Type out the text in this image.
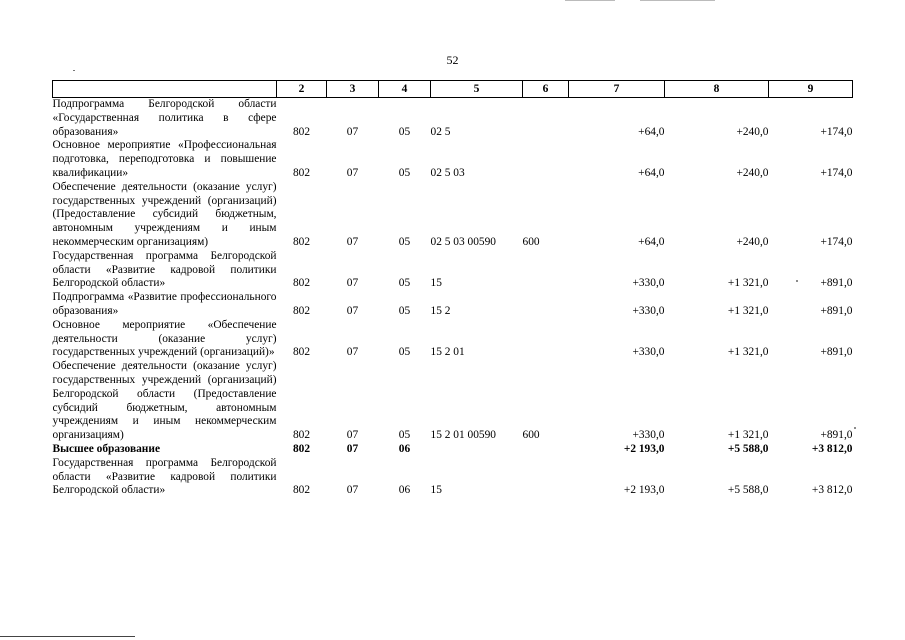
52
	2	3	4	5	6	7	8	9
Подпрограмма Белгородской области «Государственная политика в сфере образования»	802	07	05	02 5		+64,0	+240,0	+174,0
Основное мероприятие «Профессиональная подготовка, переподготовка и повышение квалификации»	802	07	05	02 5 03		+64,0	+240,0	+174,0
Обеспечение деятельности (оказание услуг) государственных учреждений (организаций) (Предоставление субсидий бюджетным, автономным учреждениям и иным некоммерческим организациям)	802	07	05	02 5 03 00590	600	+64,0	+240,0	+174,0
Государственная программа Белгородской области «Развитие кадровой политики Белгородской области»	802	07	05	15		+330,0	+1 321,0	+891,0
Подпрограмма «Развитие профессионального образования»	802	07	05	15 2		+330,0	+1 321,0	+891,0
Основное мероприятие «Обеспечение деятельности (оказание услуг) государственных учреждений (организаций)»	802	07	05	15 2 01		+330,0	+1 321,0	+891,0
Обеспечение деятельности (оказание услуг) государственных учреждений (организаций) Белгородской области (Предоставление субсидий бюджетным, автономным учреждениям и иным некоммерческим организациям)	802	07	05	15 2 01 00590	600	+330,0	+1 321,0	+891,0
Высшее образование	802	07	06			+2 193,0	+5 588,0	+3 812,0
Государственная программа Белгородской области «Развитие кадровой политики Белгородской области»	802	07	06	15		+2 193,0	+5 588,0	+3 812,0
